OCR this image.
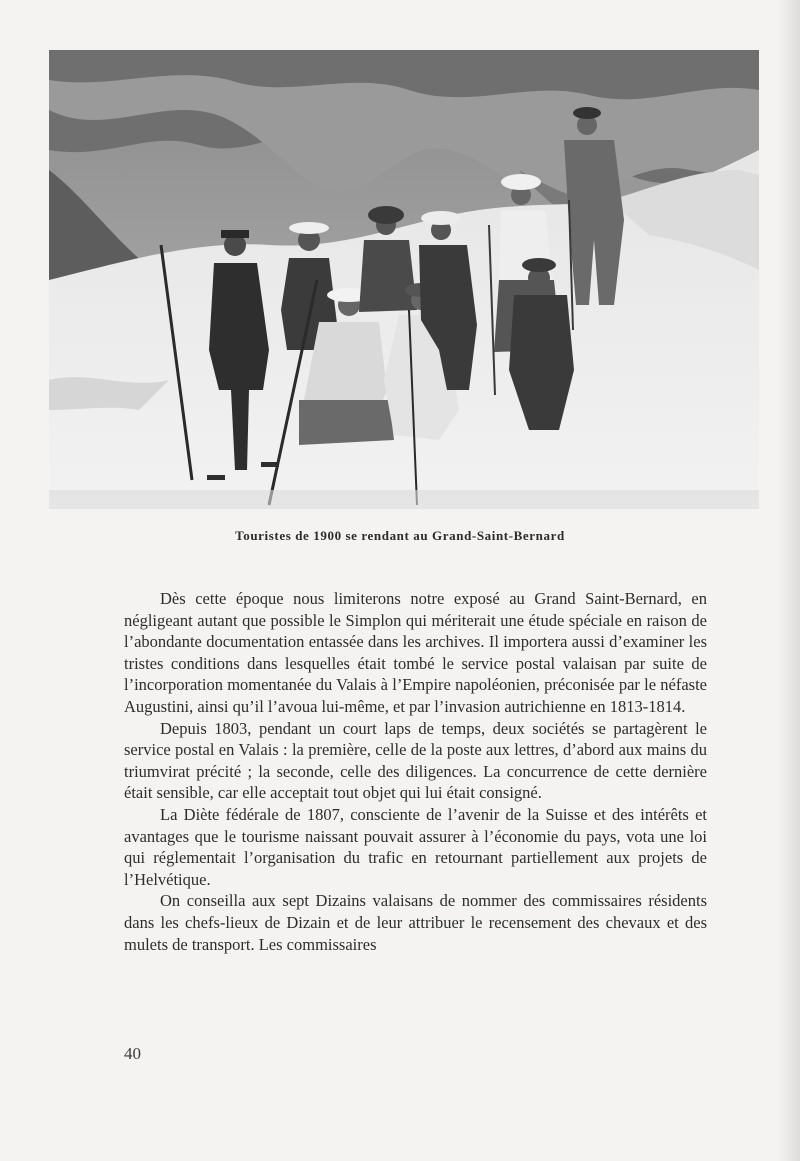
Touristes de 1900 se rendant au Grand-Saint-Bernard

Dès cette époque nous limiterons notre exposé au Grand Saint-Bernard, en négligeant autant que possible le Simplon qui mériterait une étude spéciale en raison de l’abondante documentation entassée dans les archives. Il importera aussi d’examiner les tristes conditions dans lesquelles était tombé le service postal valaisan par suite de l’incorporation momentanée du Valais à l’Empire napoléonien, préconisée par le néfaste Augustini, ainsi qu’il l’avoua lui-même, et par l’invasion autrichienne en 1813-1814.

Depuis 1803, pendant un court laps de temps, deux sociétés se partagèrent le service postal en Valais : la première, celle de la poste aux lettres, d’abord aux mains du triumvirat précité ; la seconde, celle des diligences. La concurrence de cette dernière était sensible, car elle acceptait tout objet qui lui était consigné.

La Diète fédérale de 1807, consciente de l’avenir de la Suisse et des intérêts et avantages que le tourisme naissant pouvait assurer à l’économie du pays, vota une loi qui réglementait l’organisation du trafic en retournant partiellement aux projets de l’Helvétique.

On conseilla aux sept Dizains valaisans de nommer des commissaires résidents dans les chefs-lieux de Dizain et de leur attribuer le recensement des chevaux et des mulets de transport. Les commissaires

40
